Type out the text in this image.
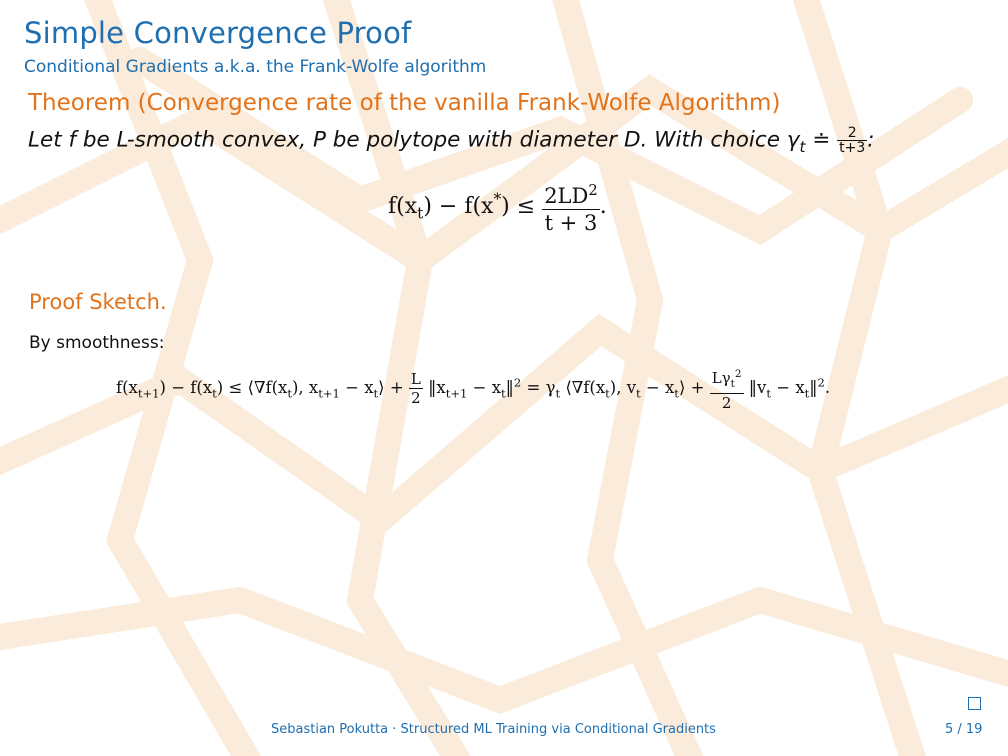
Simple Convergence Proof
Conditional Gradients a.k.a. the Frank-Wolfe algorithm
Theorem (Convergence rate of the vanilla Frank-Wolfe Algorithm)
Let f be L-smooth convex, P be polytope with diameter D. With choice $\gamma_t$ ≐ $\frac{2}{t+3}$ :
$f(x_t) - f(x^*) \le \frac{2LD^2}{t + 3}$ .
Proof Sketch.
By smoothness:
$f(x_{t+1}) - f(x_t)$ ≤ $⟨\nabla f(x_t)$, $x_{t+1}$ − $x_t⟩ + \frac{L}{2}$ $‖x_{t+1}$ − $x_t‖^2 = \gamma_t$ $⟨\nabla f(x_t)$, $v_t$ − $x_t⟩ + \frac{L\gamma_t^2}{2}$ $‖v_t$ − $x_t‖^2$.
Sebastian Pokutta · Structured ML Training via Conditional Gradients	5 / 19
